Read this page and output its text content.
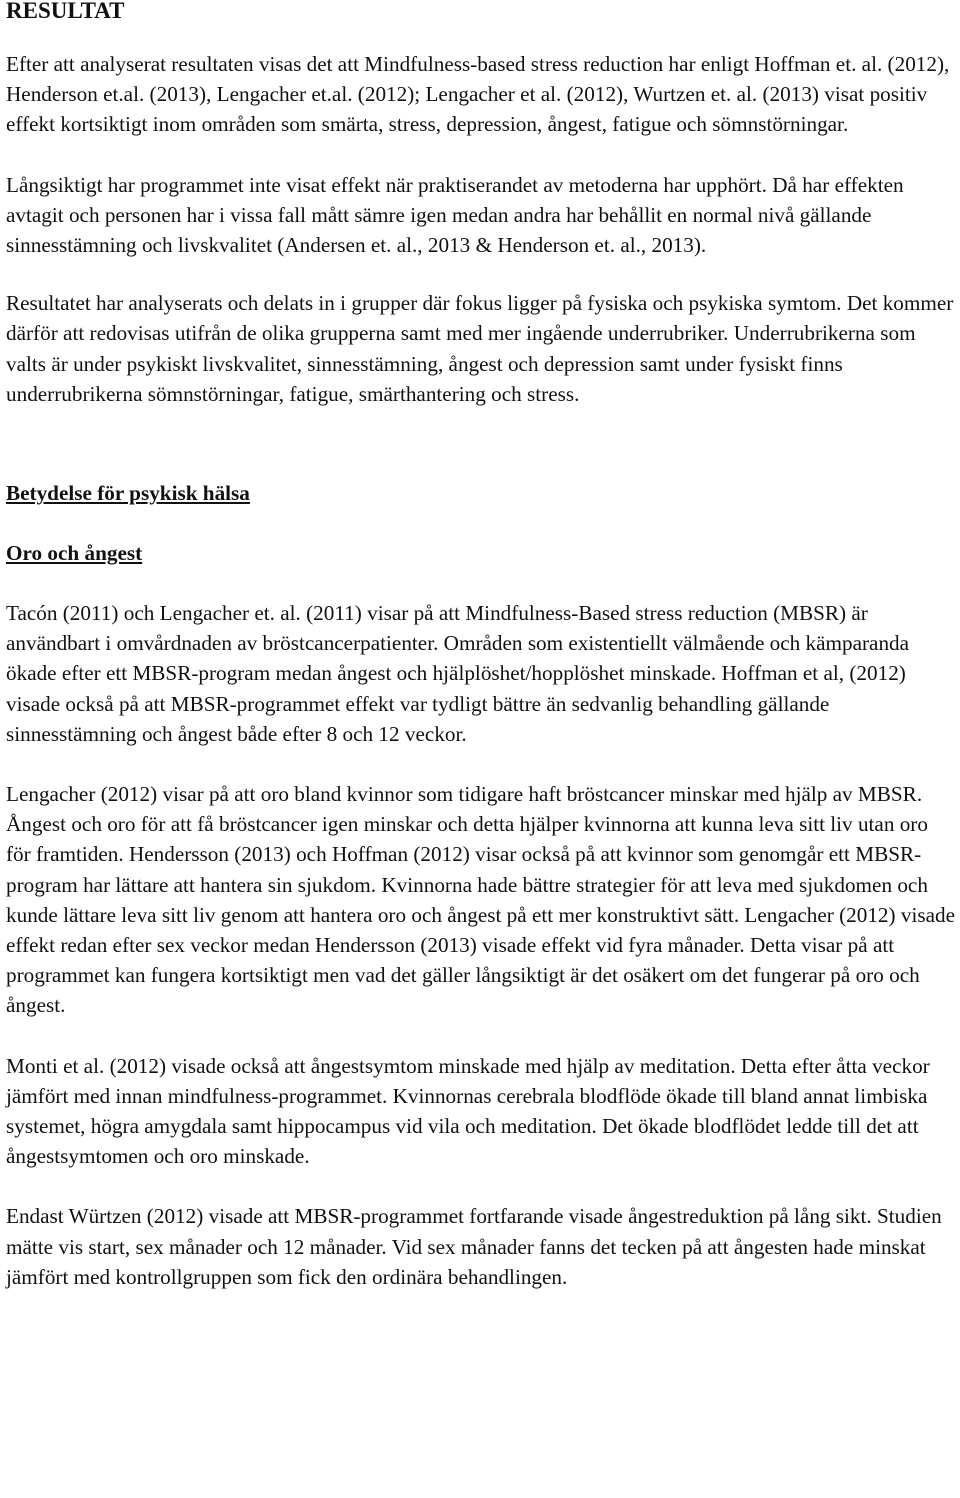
RESULTAT

Efter att analyserat resultaten visas det att Mindfulness-based stress reduction har enligt Hoffman et. al. (2012), Henderson et.al. (2013), Lengacher et.al. (2012); Lengacher et al. (2012), Wurtzen et. al. (2013) visat positiv effekt kortsiktigt inom områden som smärta, stress, depression, ångest, fatigue och sömnstörningar.

Långsiktigt har programmet inte visat effekt när praktiserandet av metoderna har upphört. Då har effekten avtagit och personen har i vissa fall mått sämre igen medan andra har behållit en normal nivå gällande sinnesstämning och livskvalitet (Andersen et. al., 2013 & Henderson et. al., 2013).

Resultatet har analyserats och delats in i grupper där fokus ligger på fysiska och psykiska symtom. Det kommer därför att redovisas utifrån de olika grupperna samt med mer ingående underrubriker. Underrubrikerna som valts är under psykiskt livskvalitet, sinnesstämning, ångest och depression samt under fysiskt finns underrubrikerna sömnstörningar, fatigue, smärthantering och stress.

Betydelse för psykisk hälsa
Oro och ångest

Tacón (2011) och Lengacher et. al. (2011) visar på att Mindfulness-Based stress reduction (MBSR) är användbart i omvårdnaden av bröstcancerpatienter. Områden som existentiellt välmående och kämparanda ökade efter ett MBSR-program medan ångest och hjälplöshet/hopplöshet minskade. Hoffman et al, (2012) visade också på att MBSR-programmet effekt var tydligt bättre än sedvanlig behandling gällande sinnesstämning och ångest både efter 8 och 12 veckor.

Lengacher (2012) visar på att oro bland kvinnor som tidigare haft bröstcancer minskar med hjälp av MBSR. Ångest och oro för att få bröstcancer igen minskar och detta hjälper kvinnorna att kunna leva sitt liv utan oro för framtiden. Hendersson (2013) och Hoffman (2012) visar också på att kvinnor som genomgår ett MBSR-program har lättare att hantera sin sjukdom. Kvinnorna hade bättre strategier för att leva med sjukdomen och kunde lättare leva sitt liv genom att hantera oro och ångest på ett mer konstruktivt sätt. Lengacher (2012) visade effekt redan efter sex veckor medan Hendersson (2013) visade effekt vid fyra månader. Detta visar på att programmet kan fungera kortsiktigt men vad det gäller långsiktigt är det osäkert om det fungerar på oro och ångest.

Monti et al. (2012) visade också att ångestsymtom minskade med hjälp av meditation. Detta efter åtta veckor jämfört med innan mindfulness-programmet. Kvinnornas cerebrala blodflöde ökade till bland annat limbiska systemet, högra amygdala samt hippocampus vid vila och meditation. Det ökade blodflödet ledde till det att ångestsymtomen och oro minskade.

Endast Würtzen (2012) visade att MBSR-programmet fortfarande visade ångestreduktion på lång sikt. Studien mätte vis start, sex månader och 12 månader. Vid sex månader fanns det tecken på att ångesten hade minskat jämfört med kontrollgruppen som fick den ordinära behandlingen.
